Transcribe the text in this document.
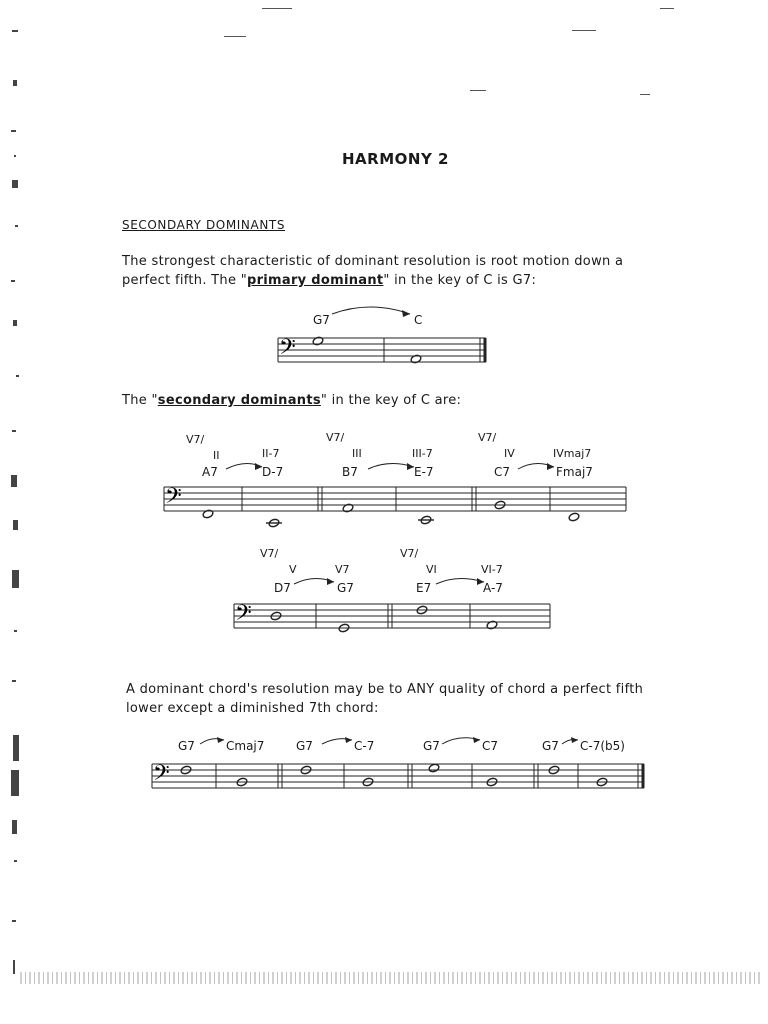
HARMONY 2
SECONDARY DOMINANTS
The strongest characteristic of dominant resolution is root motion down a
perfect fifth. The "primary dominant" in the key of C is G7:
G7	C
𝄢
The "secondary dominants" in the key of C are:
V7/
II	II-7
A7	D-7
V7/
III	III-7
B7	E-7
V7/
IV	IVmaj7
C7	Fmaj7
𝄢
V7/
V	V7
D7	G7
V7/
VI	VI-7
E7	A-7
𝄢
A dominant chord's resolution may be to ANY quality of chord a perfect fifth
lower except a diminished 7th chord:
G7	Cmaj7	G7	C-7	G7	C7	G7 C-7(b5)
𝄢
